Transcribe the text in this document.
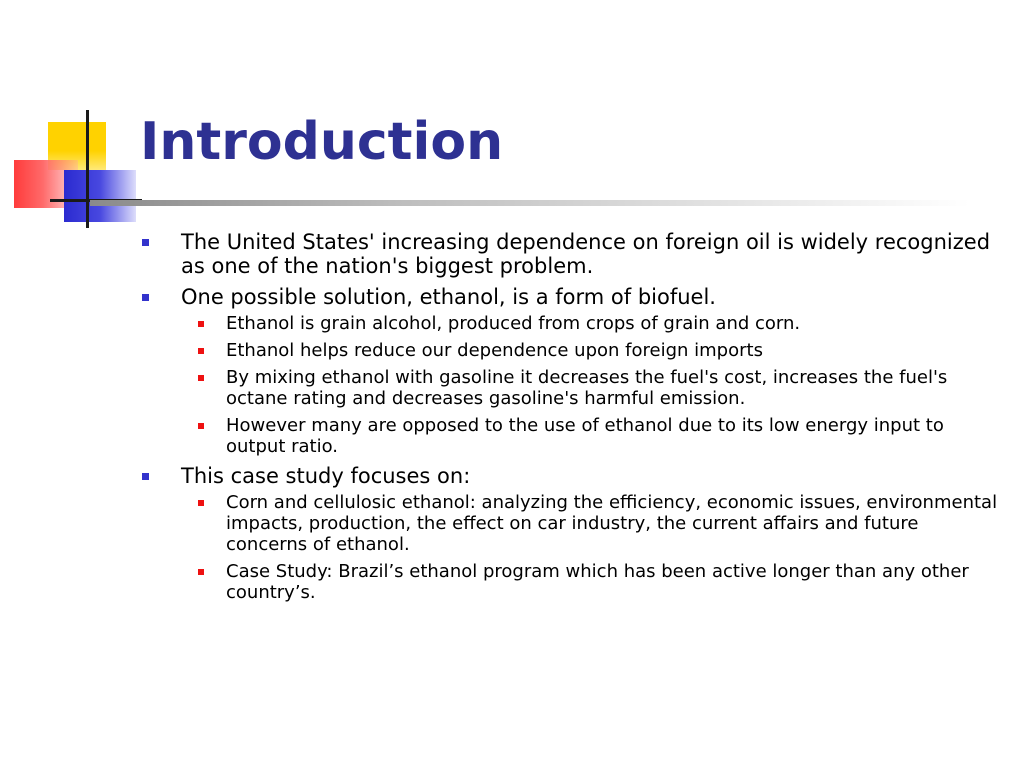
Introduction
The United States' increasing dependence on foreign oil is widely recognized as one of the nation's biggest problem.
One possible solution, ethanol, is a form of biofuel.
Ethanol is grain alcohol, produced from crops of grain and corn.
Ethanol helps reduce our dependence upon foreign imports
By mixing ethanol with gasoline it decreases the fuel's cost, increases the fuel's octane rating and decreases gasoline's harmful emission.
However many are opposed to the use of ethanol due to its low energy input to output ratio.
This case study focuses on:
Corn and cellulosic ethanol: analyzing the efficiency, economic issues, environmental impacts, production, the effect on car industry, the current affairs and future concerns of ethanol.
Case Study: Brazil’s ethanol program which has been active longer than any other country’s.
